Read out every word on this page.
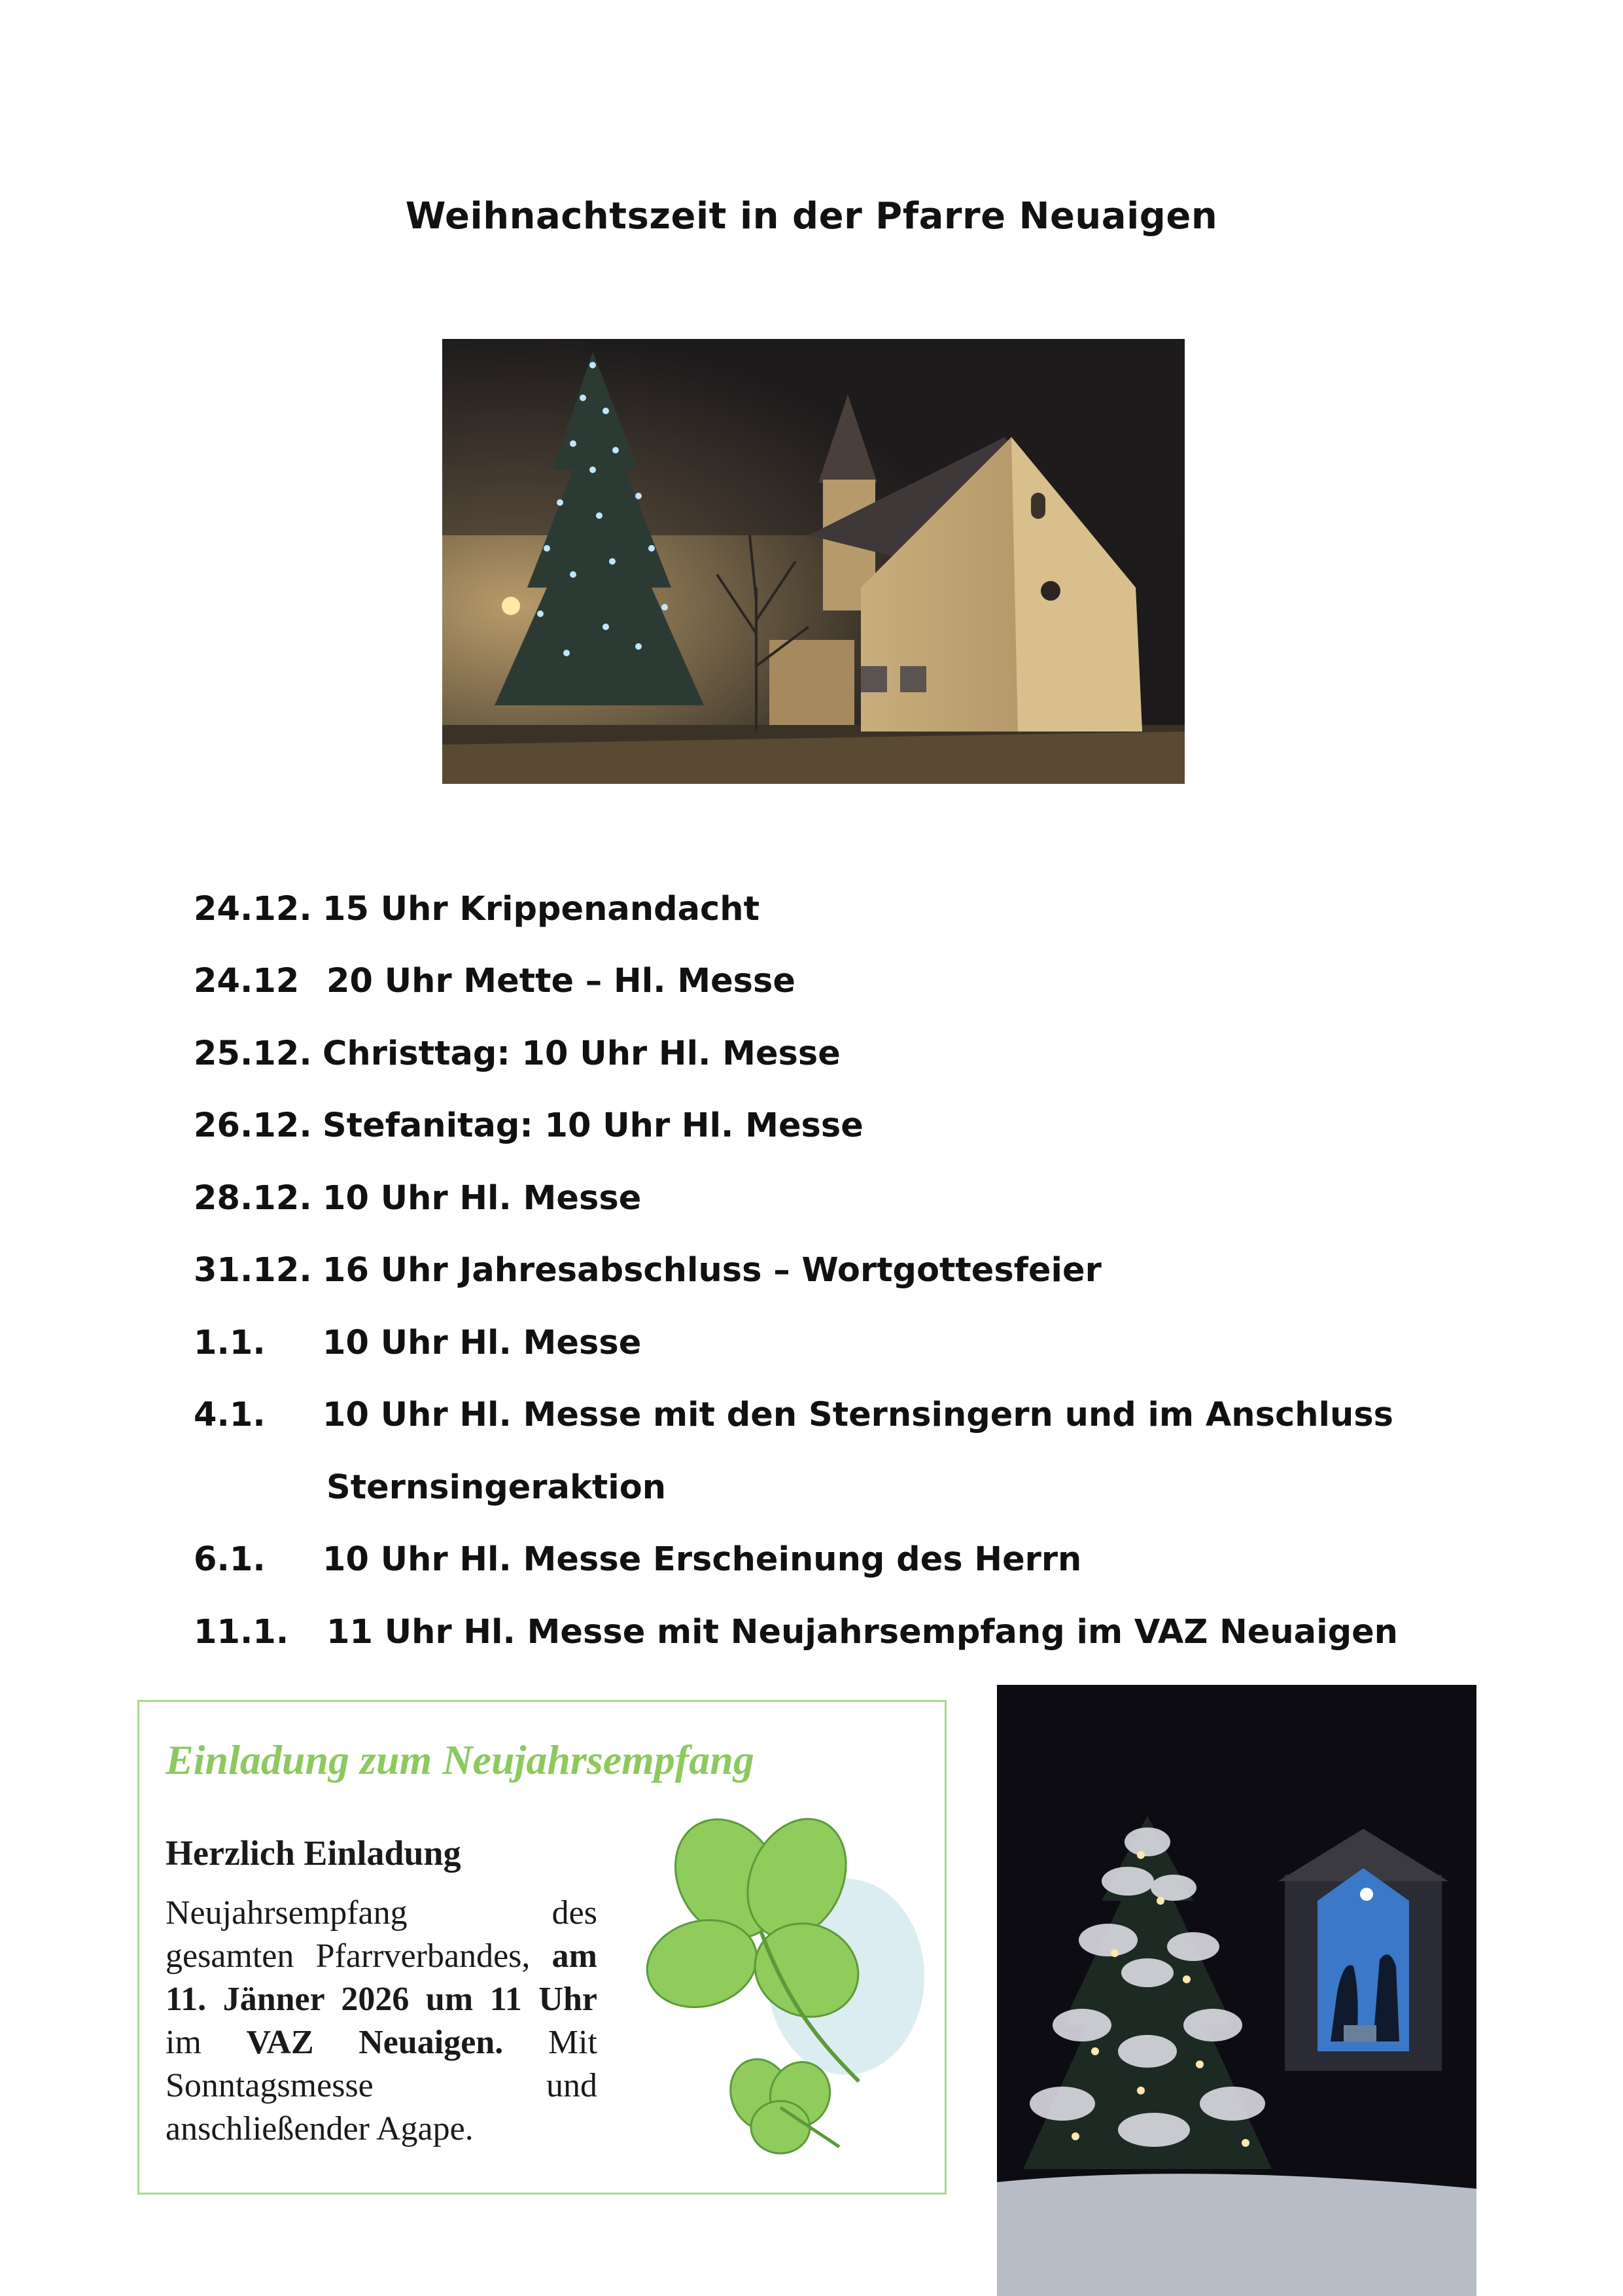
Weihnachtszeit in der Pfarre Neuaigen
24.12. 15 Uhr Krippenandacht
24.12 20 Uhr Mette – Hl. Messe
25.12. Christtag: 10 Uhr Hl. Messe
26.12. Stefanitag: 10 Uhr Hl. Messe
28.12. 10 Uhr Hl. Messe
31.12. 16 Uhr Jahresabschluss – Wortgottesfeier
1.1. 10 Uhr Hl. Messe
4.1. 10 Uhr Hl. Messe mit den Sternsingern und im Anschluss
Sternsingeraktion
6.1. 10 Uhr Hl. Messe Erscheinung des Herrn
11.1. 11 Uhr Hl. Messe mit Neujahrsempfang im VAZ Neuaigen
Einladung zum Neujahrsempfang
Herzlich Einladung
Neujahrsempfang des gesamten Pfarrverbandes, am 11. Jänner 2026 um 11 Uhr im VAZ Neuaigen. Mit Sonntagsmesse und anschließender Agape.
